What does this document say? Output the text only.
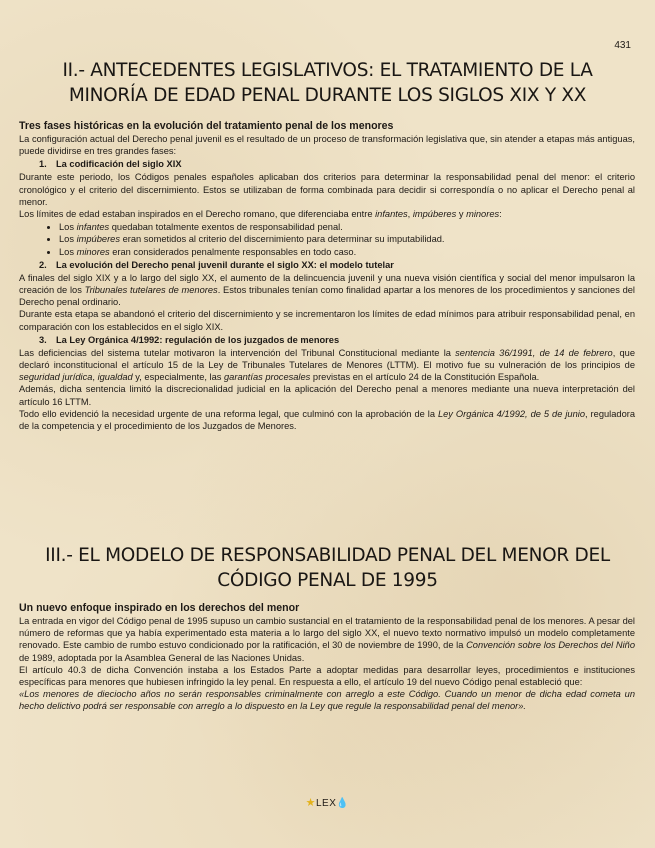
431
II.- ANTECEDENTES LEGISLATIVOS: EL TRATAMIENTO DE LA
MINORÍA DE EDAD PENAL DURANTE LOS SIGLOS XIX Y XX
Tres fases históricas en la evolución del tratamiento penal de los menores

La configuración actual del Derecho penal juvenil es el resultado de un proceso de transformación legislativa que, sin atender a etapas más antiguas, puede dividirse en tres grandes fases:

1. La codificación del siglo XIX

Durante este periodo, los Códigos penales españoles aplicaban dos criterios para determinar la responsabilidad penal del menor: el criterio cronológico y el criterio del discernimiento. Estos se utilizaban de forma combinada para decidir si correspondía o no aplicar el Derecho penal al menor.

Los límites de edad estaban inspirados en el Derecho romano, que diferenciaba entre infantes, impúberes y minores:

• Los infantes quedaban totalmente exentos de responsabilidad penal.
• Los impúberes eran sometidos al criterio del discernimiento para determinar su imputabilidad.
• Los minores eran considerados penalmente responsables en todo caso.
2. La evolución del Derecho penal juvenil durante el siglo XX: el modelo tutelar

A finales del siglo XIX y a lo largo del siglo XX, el aumento de la delincuencia juvenil y una nueva visión científica y social del menor impulsaron la creación de los Tribunales tutelares de menores. Estos tribunales tenían como finalidad apartar a los menores de los procedimientos y sanciones del Derecho penal ordinario.

Durante esta etapa se abandonó el criterio del discernimiento y se incrementaron los límites de edad mínimos para atribuir responsabilidad penal, en comparación con los establecidos en el siglo XIX.

3. La Ley Orgánica 4/1992: regulación de los juzgados de menores

Las deficiencias del sistema tutelar motivaron la intervención del Tribunal Constitucional mediante la sentencia 36/1991, de 14 de febrero, que declaró inconstitucional el artículo 15 de la Ley de Tribunales Tutelares de Menores (LTTM). El motivo fue su vulneración de los principios de seguridad jurídica, igualdad y, especialmente, las garantías procesales previstas en el artículo 24 de la Constitución Española.

Además, dicha sentencia limitó la discrecionalidad judicial en la aplicación del Derecho penal a menores mediante una nueva interpretación del artículo 16 LTTM.

Todo ello evidenció la necesidad urgente de una reforma legal, que culminó con la aprobación de la Ley Orgánica 4/1992, de 5 de junio, reguladora de la competencia y el procedimiento de los Juzgados de Menores.

III.- EL MODELO DE RESPONSABILIDAD PENAL DEL MENOR DEL
CÓDIGO PENAL DE 1995
Un nuevo enfoque inspirado en los derechos del menor

La entrada en vigor del Código penal de 1995 supuso un cambio sustancial en el tratamiento de la responsabilidad penal de los menores. A pesar del número de reformas que ya había experimentado esta materia a lo largo del siglo XX, el nuevo texto normativo impulsó un modelo completamente renovado. Este cambio de rumbo estuvo condicionado por la ratificación, el 30 de noviembre de 1990, de la Convención sobre los Derechos del Niño de 1989, adoptada por la Asamblea General de las Naciones Unidas.

El artículo 40.3 de dicha Convención instaba a los Estados Parte a adoptar medidas para desarrollar leyes, procedimientos e instituciones específicas para menores que hubiesen infringido la ley penal. En respuesta a ello, el artículo 19 del nuevo Código penal estableció que:

«Los menores de dieciocho años no serán responsables criminalmente con arreglo a este Código. Cuando un menor de dicha edad cometa un hecho delictivo podrá ser responsable con arreglo a lo dispuesto en la Ley que regule la responsabilidad penal del menor».

★LEX💧
